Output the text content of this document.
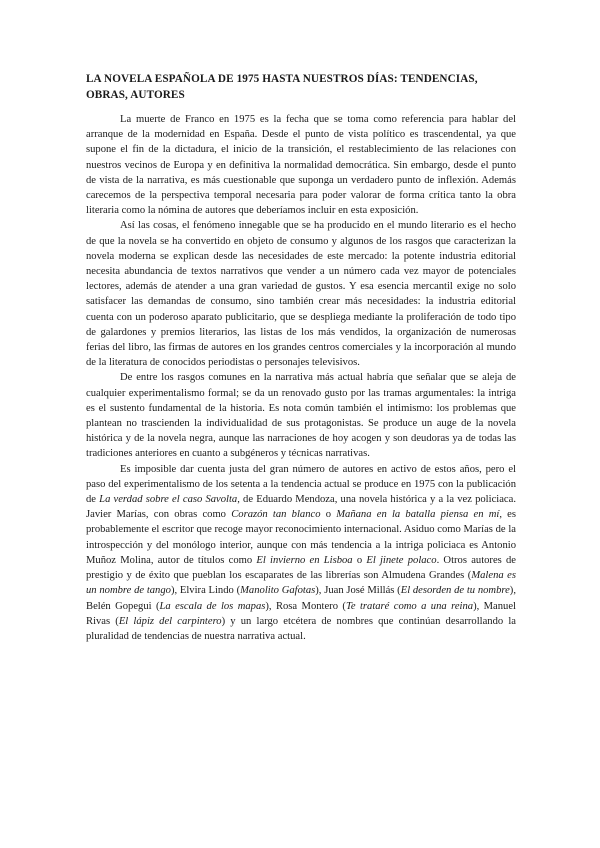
LA NOVELA ESPAÑOLA DE 1975 HASTA NUESTROS DÍAS: TENDENCIAS, OBRAS, AUTORES

La muerte de Franco en 1975 es la fecha que se toma como referencia para hablar del arranque de la modernidad en España. Desde el punto de vista político es trascendental, ya que supone el fin de la dictadura, el inicio de la transición, el restablecimiento de las relaciones con nuestros vecinos de Europa y en definitiva la normalidad democrática. Sin embargo, desde el punto de vista de la narrativa, es más cuestionable que suponga un verdadero punto de inflexión. Además carecemos de la perspectiva temporal necesaria para poder valorar de forma crítica tanto la obra literaria como la nómina de autores que deberíamos incluir en esta exposición.

Así las cosas, el fenómeno innegable que se ha producido en el mundo literario es el hecho de que la novela se ha convertido en objeto de consumo y algunos de los rasgos que caracterizan la novela moderna se explican desde las necesidades de este mercado: la potente industria editorial necesita abundancia de textos narrativos que vender a un número cada vez mayor de potenciales lectores, además de atender a una gran variedad de gustos. Y esa esencia mercantil exige no solo satisfacer las demandas de consumo, sino también crear más necesidades: la industria editorial cuenta con un poderoso aparato publicitario, que se despliega mediante la proliferación de todo tipo de galardones y premios literarios, las listas de los más vendidos, la organización de numerosas ferias del libro, las firmas de autores en los grandes centros comerciales y la incorporación al mundo de la literatura de conocidos periodistas o personajes televisivos.

De entre los rasgos comunes en la narrativa más actual habría que señalar que se aleja de cualquier experimentalismo formal; se da un renovado gusto por las tramas argumentales: la intriga es el sustento fundamental de la historia. Es nota común también el intimismo: los problemas que plantean no trascienden la individualidad de sus protagonistas. Se produce un auge de la novela histórica y de la novela negra, aunque las narraciones de hoy acogen y son deudoras ya de todas las tradiciones anteriores en cuanto a subgéneros y técnicas narrativas.

Es imposible dar cuenta justa del gran número de autores en activo de estos años, pero el paso del experimentalismo de los setenta a la tendencia actual se produce en 1975 con la publicación de La verdad sobre el caso Savolta, de Eduardo Mendoza, una novela histórica y a la vez policiaca. Javier Marías, con obras como Corazón tan blanco o Mañana en la batalla piensa en mí, es probablemente el escritor que recoge mayor reconocimiento internacional. Asiduo como Marías de la introspección y del monólogo interior, aunque con más tendencia a la intriga policiaca es Antonio Muñoz Molina, autor de títulos como El invierno en Lisboa o El jinete polaco. Otros autores de prestigio y de éxito que pueblan los escaparates de las librerías son Almudena Grandes (Malena es un nombre de tango), Elvira Lindo (Manolito Gafotas), Juan José Millás (El desorden de tu nombre), Belén Gopegui (La escala de los mapas), Rosa Montero (Te trataré como a una reina), Manuel Rivas (El lápiz del carpintero) y un largo etcétera de nombres que continúan desarrollando la pluralidad de tendencias de nuestra narrativa actual.
